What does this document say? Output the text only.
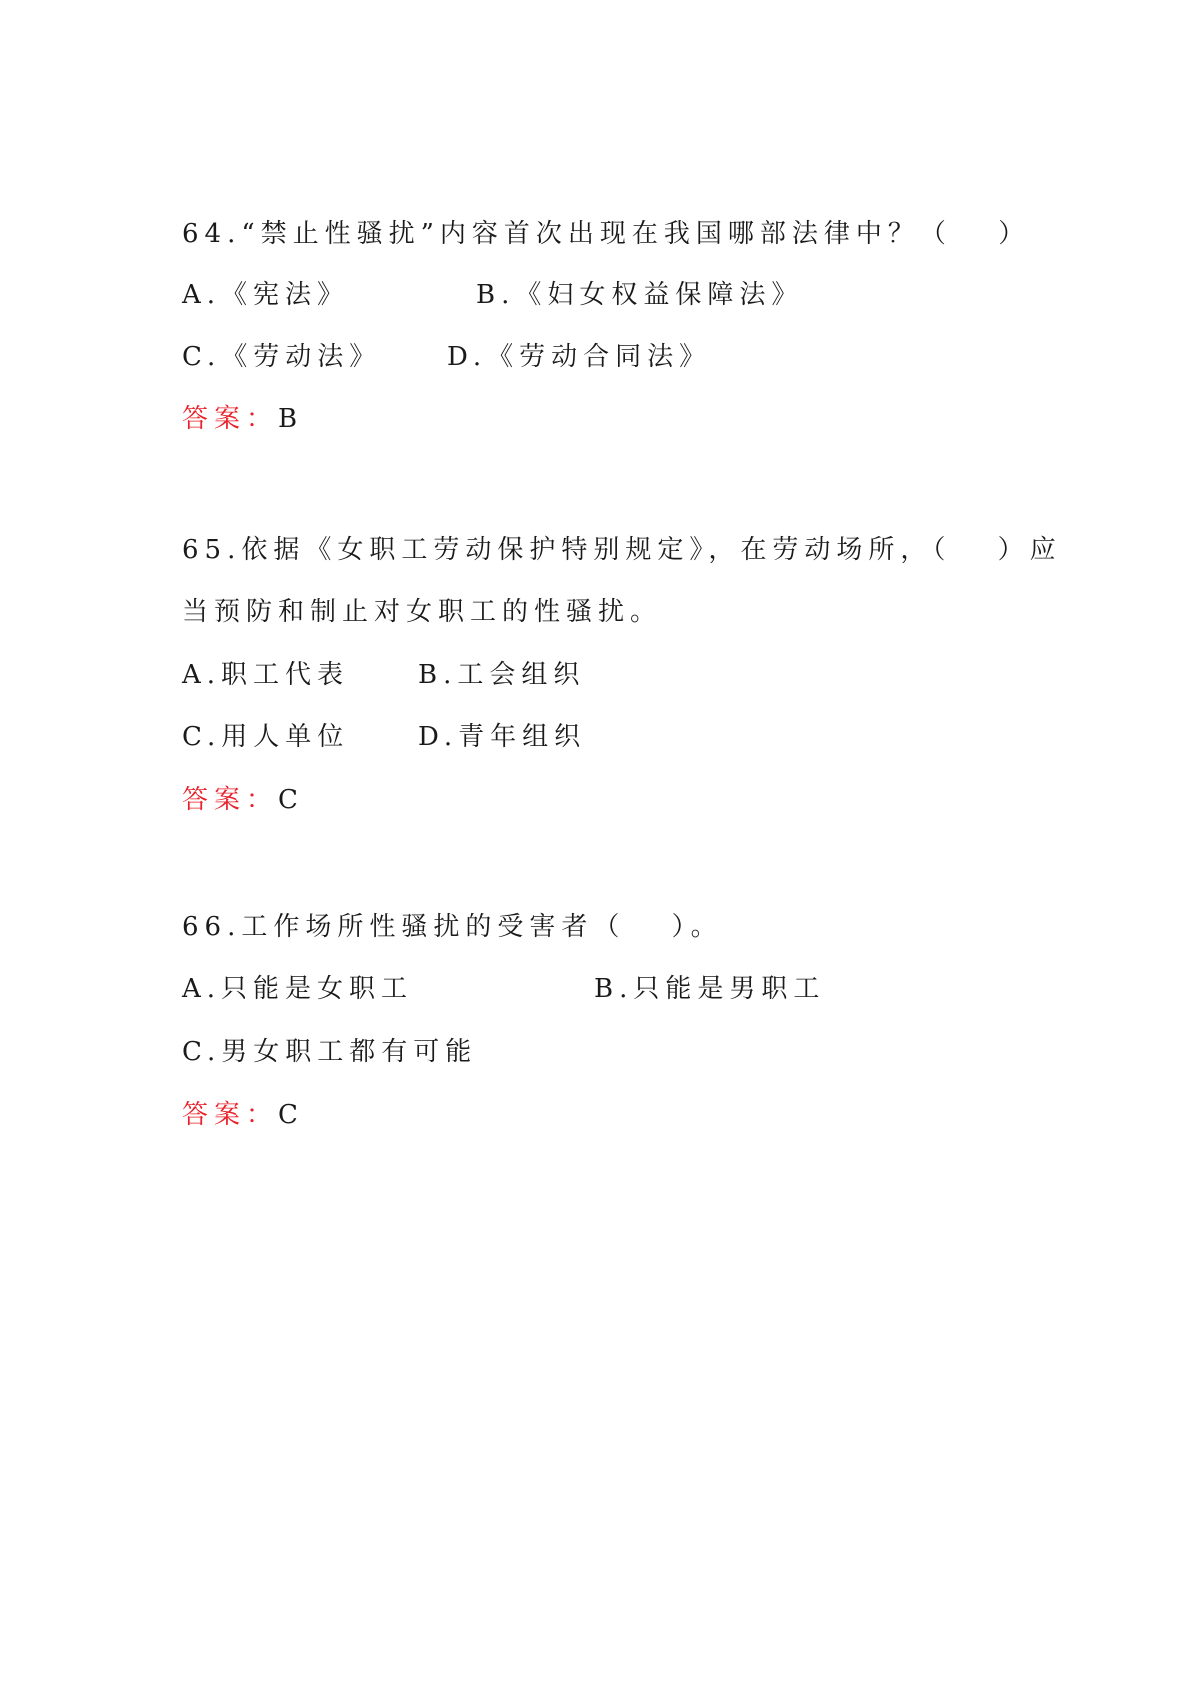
64.“禁止性骚扰”内容首次出现在我国哪部法律中？（　 ）
A.《宪法》	B.《妇女权益保障法》
C.《劳动法》	D.《劳动合同法》
答案：B
65.依据《女职工劳动保护特别规定》，在劳动场所，（　 ）应
当预防和制止对女职工的性骚扰。
A.职工代表	B.工会组织
C.用人单位	D.青年组织
答案：C
66.工作场所性骚扰的受害者（　 ）。
A.只能是女职工	B.只能是男职工
C.男女职工都有可能
答案：C
